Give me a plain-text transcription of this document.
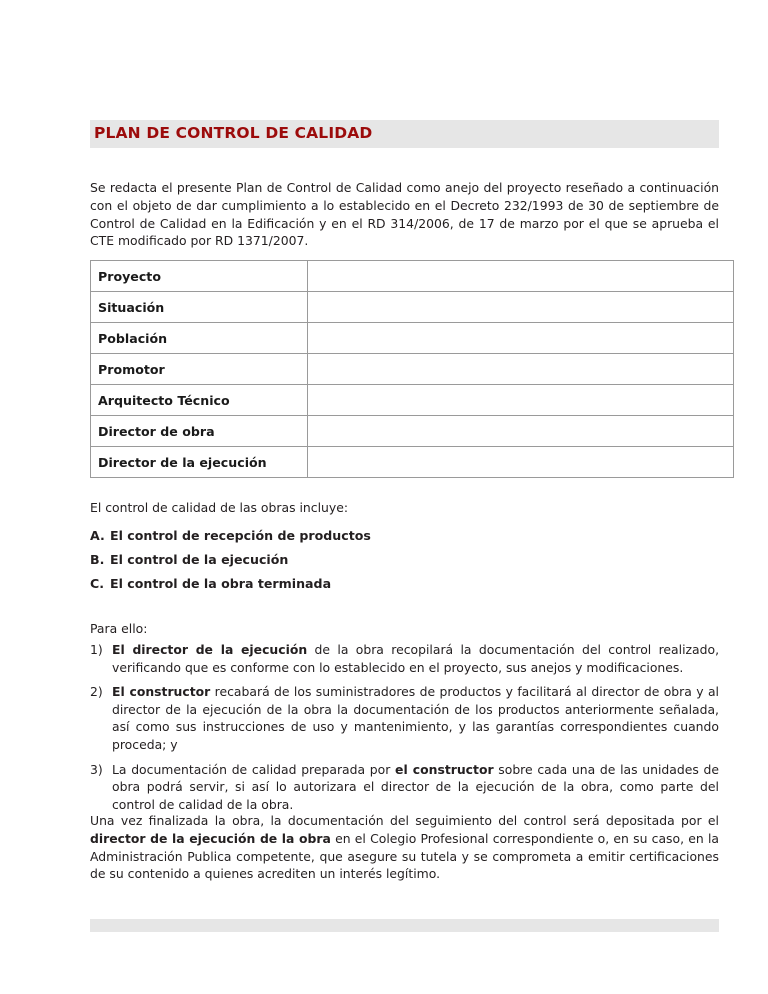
PLAN DE CONTROL DE CALIDAD

Se redacta el presente Plan de Control de Calidad como anejo del proyecto reseñado a continuación con el objeto de dar cumplimiento a lo establecido en el Decreto 232/1993 de 30 de septiembre de Control de Calidad en la Edificación y en el RD 314/2006, de 17 de marzo por el que se aprueba el CTE modificado por RD 1371/2007.

Proyecto	
Situación	
Población	
Promotor	
Arquitecto Técnico	
Director de obra	
Director de la ejecución	
El control de calidad de las obras incluye:
A. El control de recepción de productos
B. El control de la ejecución
C. El control de la obra terminada
Para ello:
1) El director de la ejecución de la obra recopilará la documentación del control realizado, verificando que es conforme con lo establecido en el proyecto, sus anejos y modificaciones.
2) El constructor recabará de los suministradores de productos y facilitará al director de obra y al director de la ejecución de la obra la documentación de los productos anteriormente señalada, así como sus instrucciones de uso y mantenimiento, y las garantías correspondientes cuando proceda; y
3) La documentación de calidad preparada por el constructor sobre cada una de las unidades de obra podrá servir, si así lo autorizara el director de la ejecución de la obra, como parte del control de calidad de la obra.

Una vez finalizada la obra, la documentación del seguimiento del control será depositada por el director de la ejecución de la obra en el Colegio Profesional correspondiente o, en su caso, en la Administración Publica competente, que asegure su tutela y se comprometa a emitir certificaciones de su contenido a quienes acrediten un interés legítimo.
